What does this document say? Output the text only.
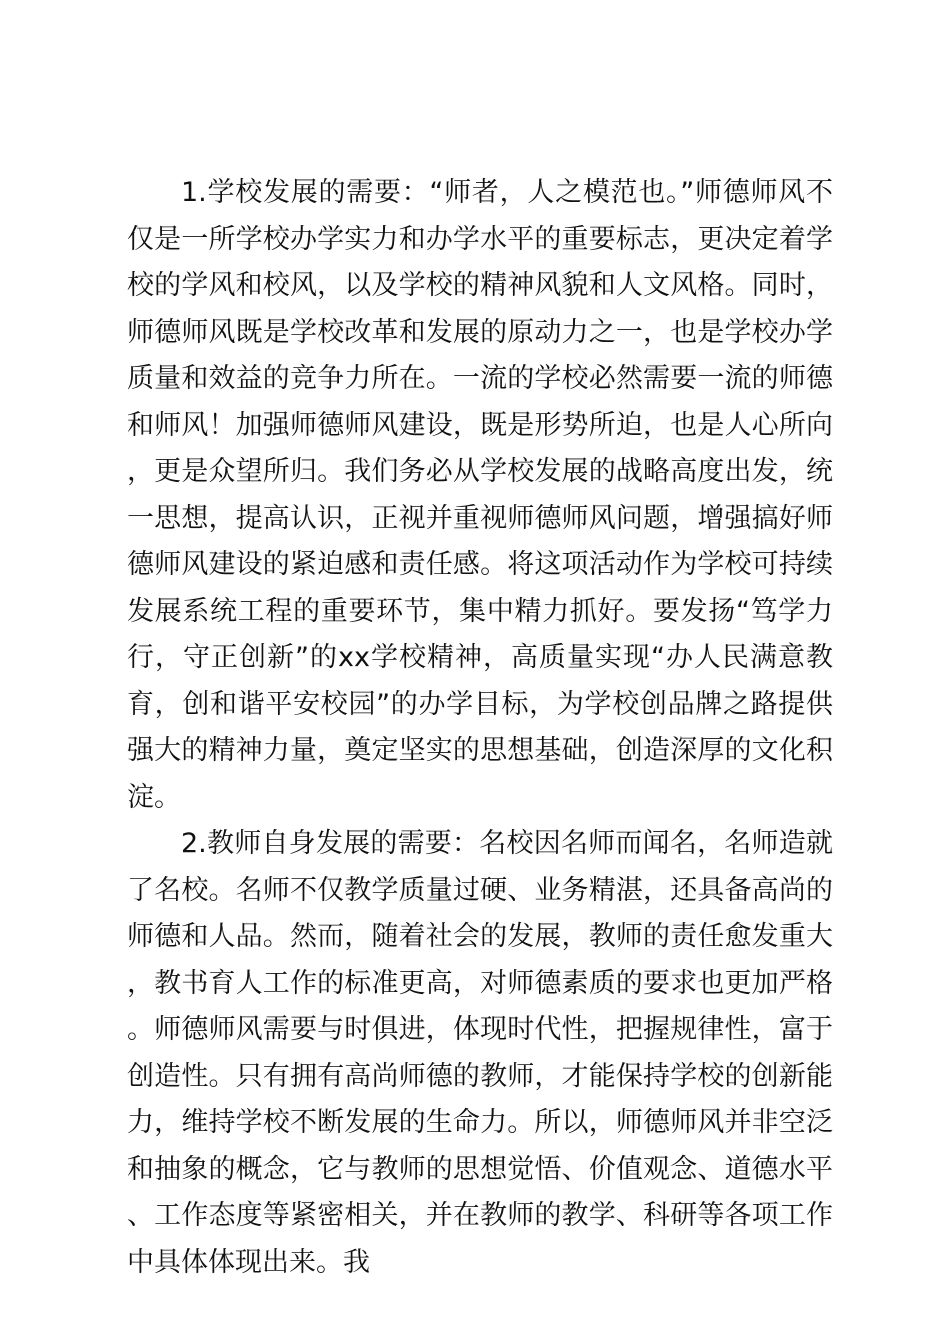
1.学校发展的需要：“师者，人之模范也。”师德师风不仅是一所学校办学实力和办学水平的重要标志，更决定着学校的学风和校风，以及学校的精神风貌和人文风格。同时，师德师风既是学校改革和发展的原动力之一，也是学校办学质量和效益的竞争力所在。一流的学校必然需要一流的师德和师风！加强师德师风建设，既是形势所迫，也是人心所向，更是众望所归。我们务必从学校发展的战略高度出发，统一思想，提高认识，正视并重视师德师风问题，增强搞好师德师风建设的紧迫感和责任感。将这项活动作为学校可持续发展系统工程的重要环节，集中精力抓好。要发扬“笃学力行，守正创新”的xx学校精神，高质量实现“办人民满意教育，创和谐平安校园”的办学目标，为学校创品牌之路提供强大的精神力量，奠定坚实的思想基础，创造深厚的文化积淀。

2.教师自身发展的需要：名校因名师而闻名，名师造就了名校。名师不仅教学质量过硬、业务精湛，还具备高尚的师德和人品。然而，随着社会的发展，教师的责任愈发重大，教书育人工作的标准更高，对师德素质的要求也更加严格。师德师风需要与时俱进，体现时代性，把握规律性，富于创造性。只有拥有高尚师德的教师，才能保持学校的创新能力，维持学校不断发展的生命力。所以，师德师风并非空泛和抽象的概念，它与教师的思想觉悟、价值观念、道德水平、工作态度等紧密相关，并在教师的教学、科研等各项工作中具体体现出来。我
